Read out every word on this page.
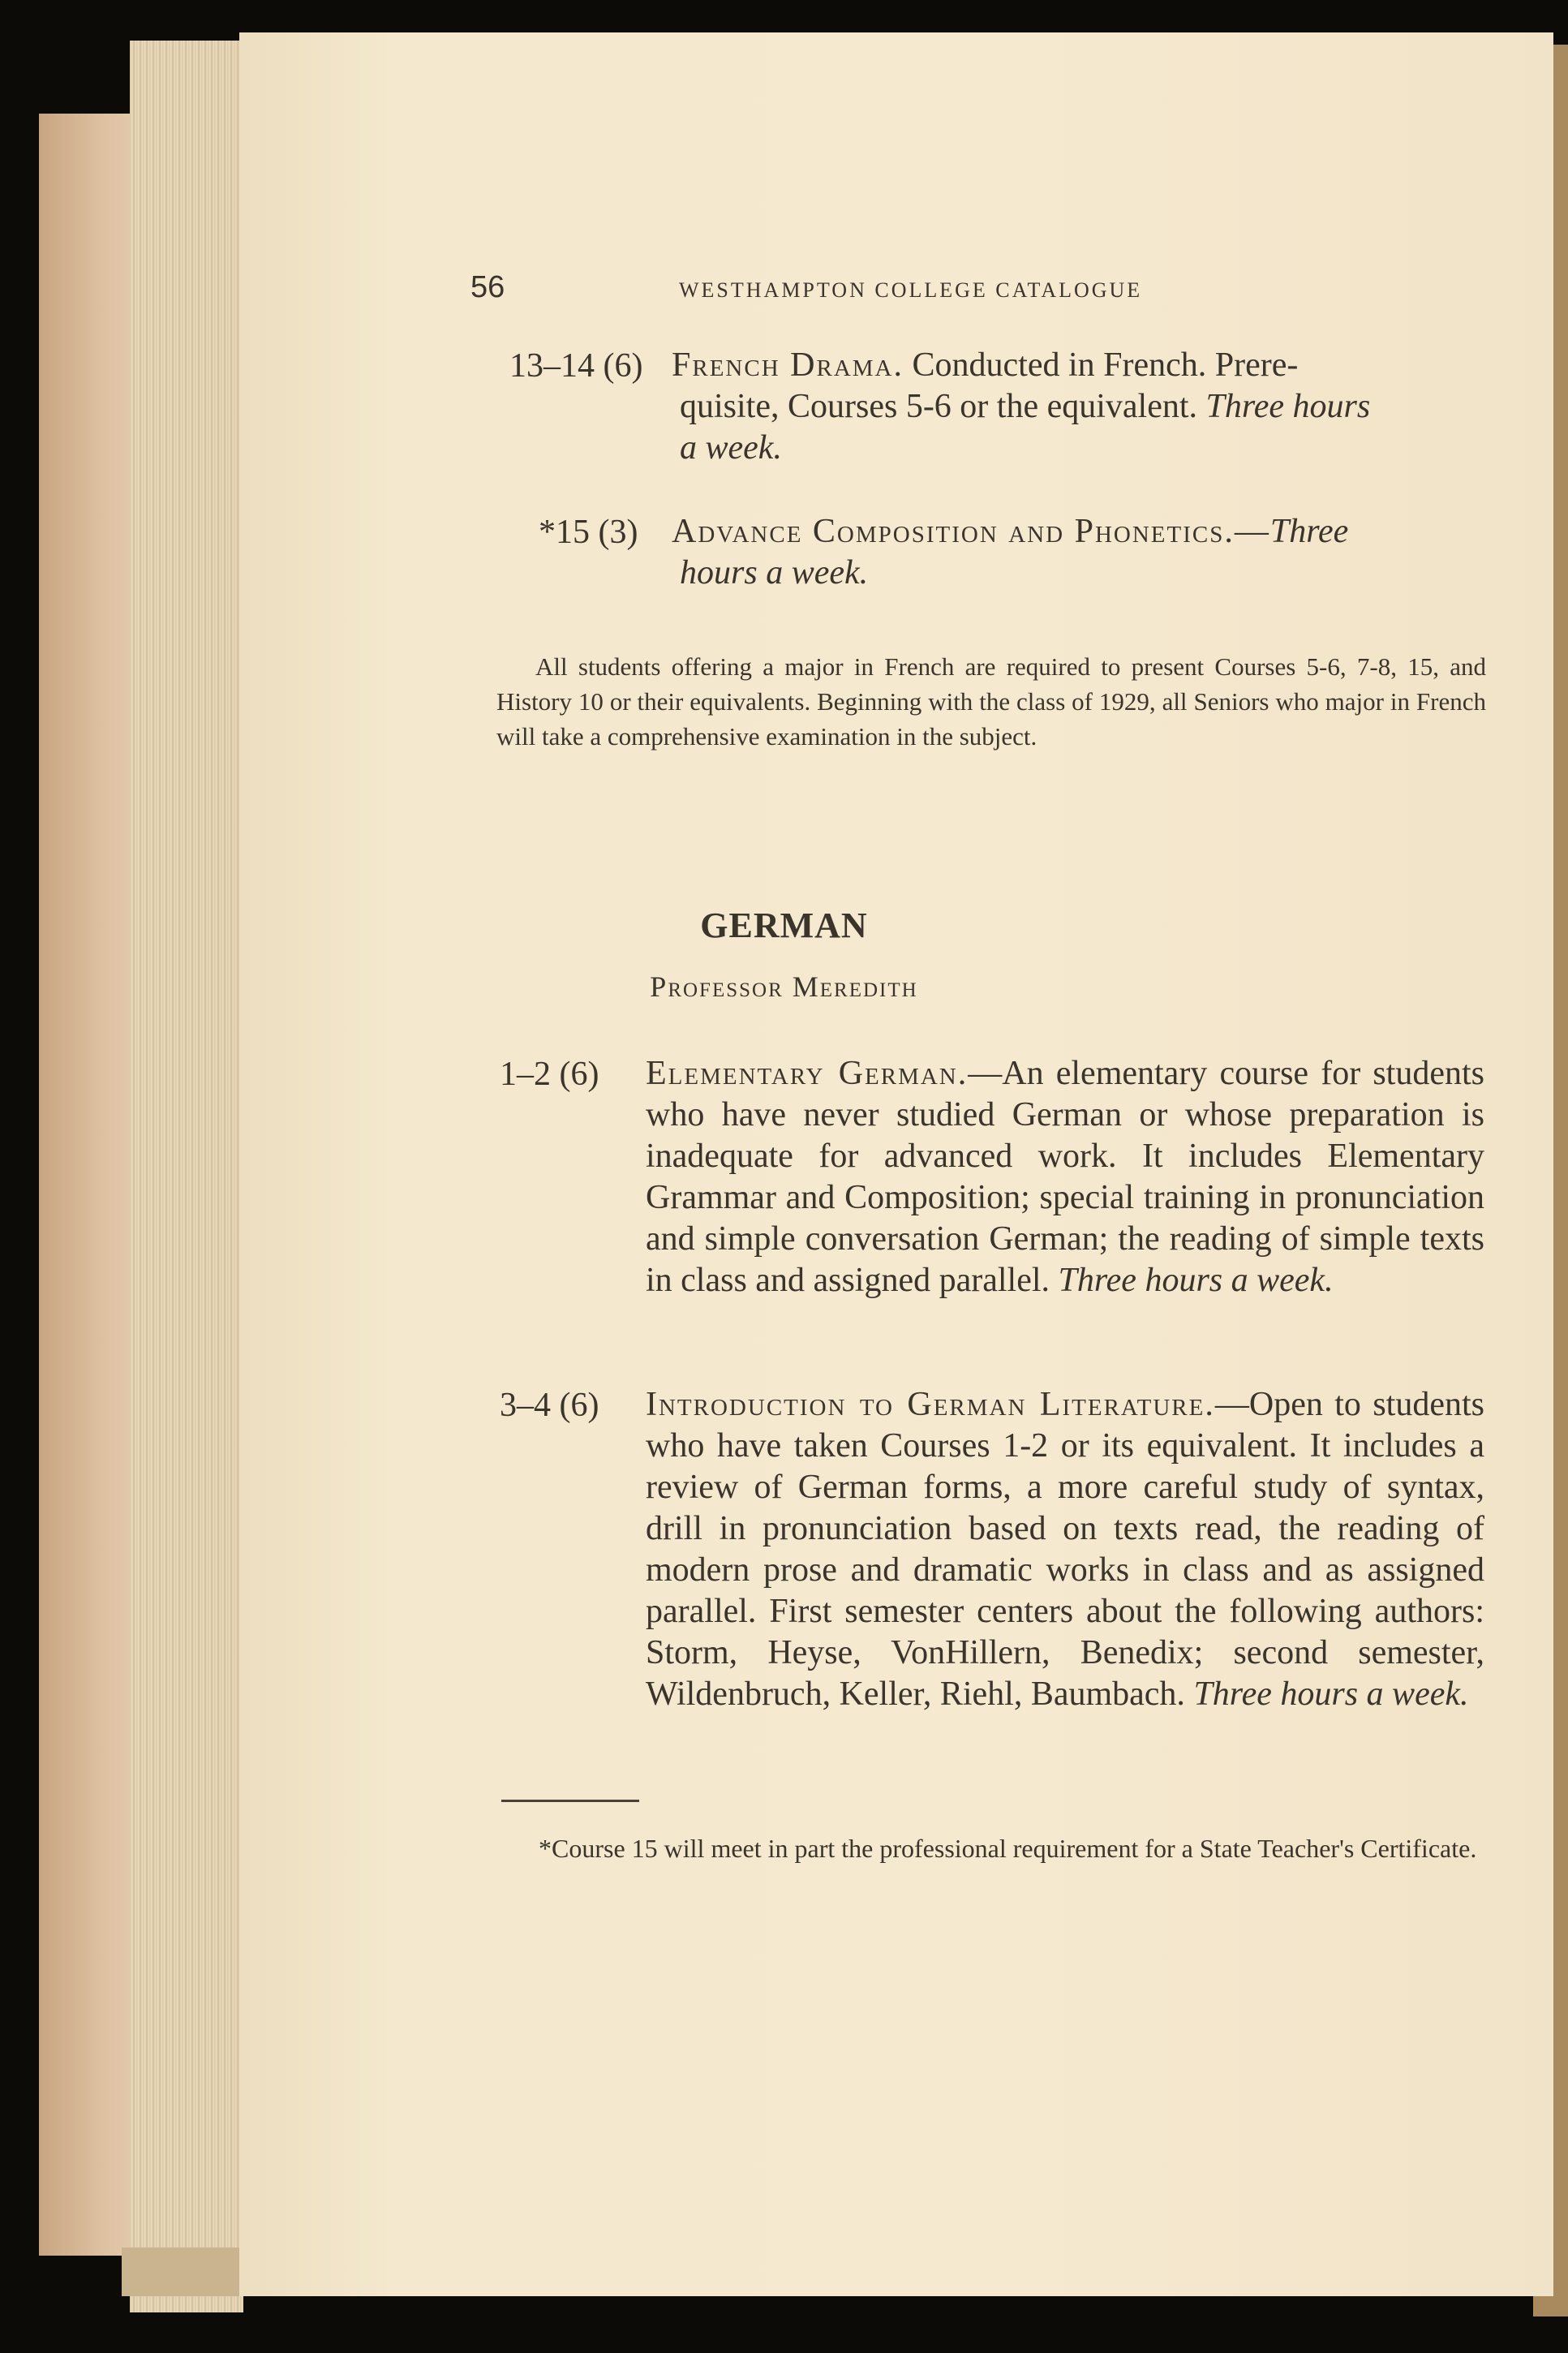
56	WESTHAMPTON COLLEGE CATALOGUE
13–14 (6) French Drama. Conducted in French. Prere-
quisite, Courses 5-6 or the equivalent. Three hours
a week.
*15 (3) Advance Composition and Phonetics.—Three
hours a week.
All students offering a major in French are required to present Courses 5-6, 7-8, 15, and History 10 or their equivalents. Beginning with the class of 1929, all Seniors who major in French will take a comprehensive examination in the subject.
GERMAN
Professor Meredith
1–2 (6) Elementary German.—An elementary course for students who have never studied German or whose preparation is inadequate for advanced work. It includes Elementary Grammar and Composition; special training in pronunciation and simple conversation German; the reading of simple texts in class and assigned parallel. Three hours a week.
3–4 (6) Introduction to German Literature.—Open to students who have taken Courses 1-2 or its equivalent. It includes a review of German forms, a more careful study of syntax, drill in pronunciation based on texts read, the reading of modern prose and dramatic works in class and as assigned parallel. First semester centers about the following authors: Storm, Heyse, VonHillern, Benedix; second semester, Wildenbruch, Keller, Riehl, Baumbach. Three hours a week.
*Course 15 will meet in part the professional requirement for a State Teacher's Certificate.
